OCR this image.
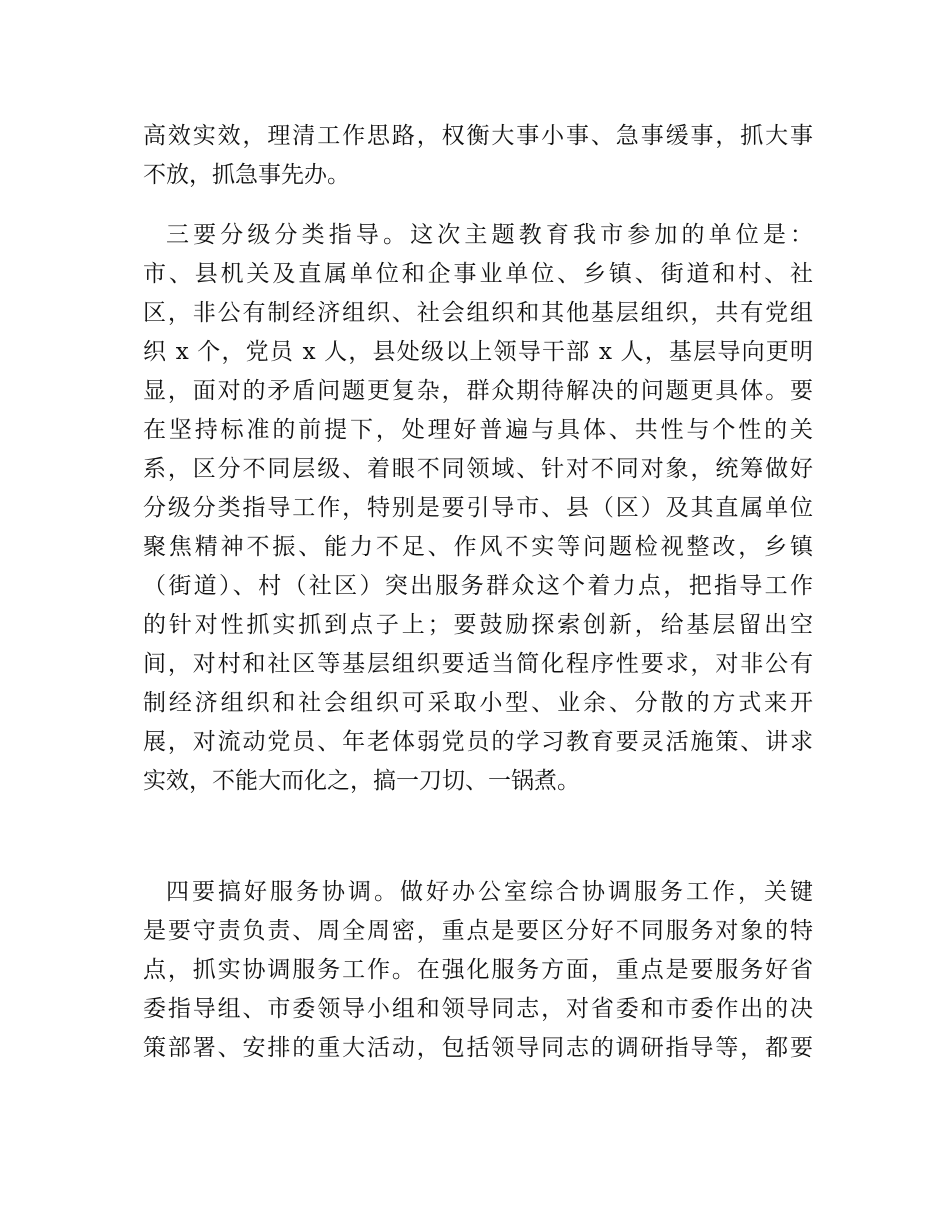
高效实效，理清工作思路，权衡大事小事、急事缓事，抓大事
不放，抓急事先办。
三要分级分类指导。这次主题教育我市参加的单位是：
市、县机关及直属单位和企事业单位、乡镇、街道和村、社
区，非公有制经济组织、社会组织和其他基层组织，共有党组
织 x 个，党员 x 人，县处级以上领导干部 x 人，基层导向更明
显，面对的矛盾问题更复杂，群众期待解决的问题更具体。要
在坚持标准的前提下，处理好普遍与具体、共性与个性的关
系，区分不同层级、着眼不同领域、针对不同对象，统筹做好
分级分类指导工作，特别是要引导市、县（区）及其直属单位
聚焦精神不振、能力不足、作风不实等问题检视整改，乡镇
（街道）、村（社区）突出服务群众这个着力点，把指导工作
的针对性抓实抓到点子上；要鼓励探索创新，给基层留出空
间，对村和社区等基层组织要适当简化程序性要求，对非公有
制经济组织和社会组织可采取小型、业余、分散的方式来开
展，对流动党员、年老体弱党员的学习教育要灵活施策、讲求
实效，不能大而化之，搞一刀切、一锅煮。
四要搞好服务协调。做好办公室综合协调服务工作，关键
是要守责负责、周全周密，重点是要区分好不同服务对象的特
点，抓实协调服务工作。在强化服务方面，重点是要服务好省
委指导组、市委领导小组和领导同志，对省委和市委作出的决
策部署、安排的重大活动，包括领导同志的调研指导等，都要
